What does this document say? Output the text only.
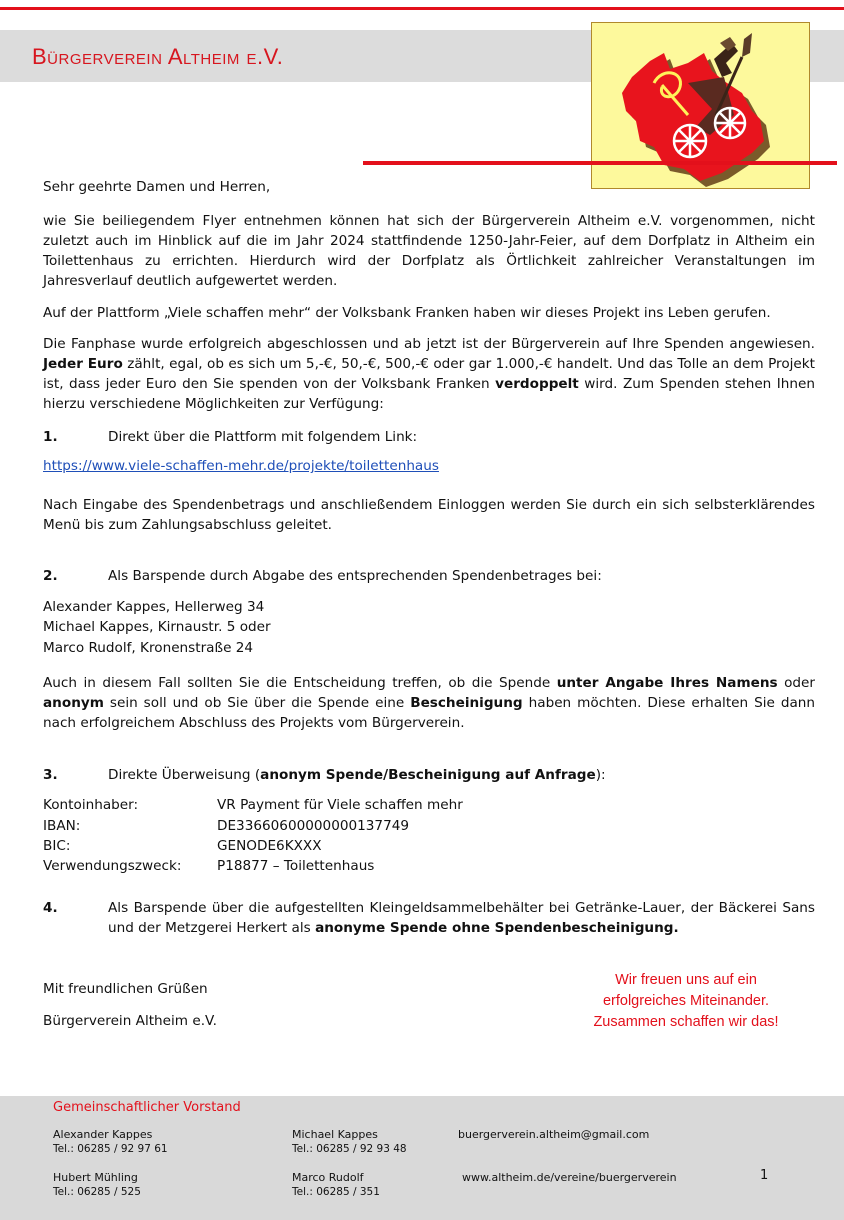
Bürgerverein Altheim e.V.

Sehr geehrte Damen und Herren,

wie Sie beiliegendem Flyer entnehmen können hat sich der Bürgerverein Altheim e.V. vorgenommen, nicht zuletzt auch im Hinblick auf die im Jahr 2024 stattfindende 1250-Jahr-Feier, auf dem Dorfplatz in Altheim ein Toilettenhaus zu errichten. Hierdurch wird der Dorfplatz als Örtlichkeit zahlreicher Veranstaltungen im Jahresverlauf deutlich aufgewertet werden.

Auf der Plattform „Viele schaffen mehr“ der Volksbank Franken haben wir dieses Projekt ins Leben gerufen.

Die Fanphase wurde erfolgreich abgeschlossen und ab jetzt ist der Bürgerverein auf Ihre Spenden angewiesen. Jeder Euro zählt, egal, ob es sich um 5,-€, 50,-€, 500,-€ oder gar 1.000,-€ handelt. Und das Tolle an dem Projekt ist, dass jeder Euro den Sie spenden von der Volksbank Franken verdoppelt wird. Zum Spenden stehen Ihnen hierzu verschiedene Möglichkeiten zur Verfügung:

1.	Direkt über die Plattform mit folgendem Link:
https://www.viele-schaffen-mehr.de/projekte/toilettenhaus

Nach Eingabe des Spendenbetrags und anschließendem Einloggen werden Sie durch ein sich selbsterklärendes Menü bis zum Zahlungsabschluss geleitet.

2.	Als Barspende durch Abgabe des entsprechenden Spendenbetrages bei:

Alexander Kappes, Hellerweg 34

Michael Kappes, Kirnaustr. 5 oder

Marco Rudolf, Kronenstraße 24

Auch in diesem Fall sollten Sie die Entscheidung treffen, ob die Spende unter Angabe Ihres Namens oder anonym sein soll und ob Sie über die Spende eine Bescheinigung haben möchten. Diese erhalten Sie dann nach erfolgreichem Abschluss des Projekts vom Bürgerverein.

3.	Direkte Überweisung (anonym Spende/Bescheinigung auf Anfrage):
Kontoinhaber:	VR Payment für Viele schaffen mehr
IBAN:	DE33660600000000137749
BIC:	GENODE6KXXX
Verwendungszweck:	P18877 – Toilettenhaus
4.	Als Barspende über die aufgestellten Kleingeldsammelbehälter bei Getränke-Lauer, der Bäckerei Sans und der Metzgerei Herkert als anonyme Spende ohne Spendenbescheinigung.

Mit freundlichen Grüßen

Bürgerverein Altheim e.V.

Wir freuen uns auf ein
erfolgreiches Miteinander.
Zusammen schaffen wir das!
Gemeinschaftlicher Vorstand
Alexander Kappes
Tel.: 06285 / 92 97 61
Michael Kappes
Tel.: 06285 / 92 93 48
Hubert Mühling
Tel.: 06285 / 525
Marco Rudolf
Tel.: 06285 / 351
buergerverein.altheim@gmail.com
www.altheim.de/vereine/buergerverein	1
